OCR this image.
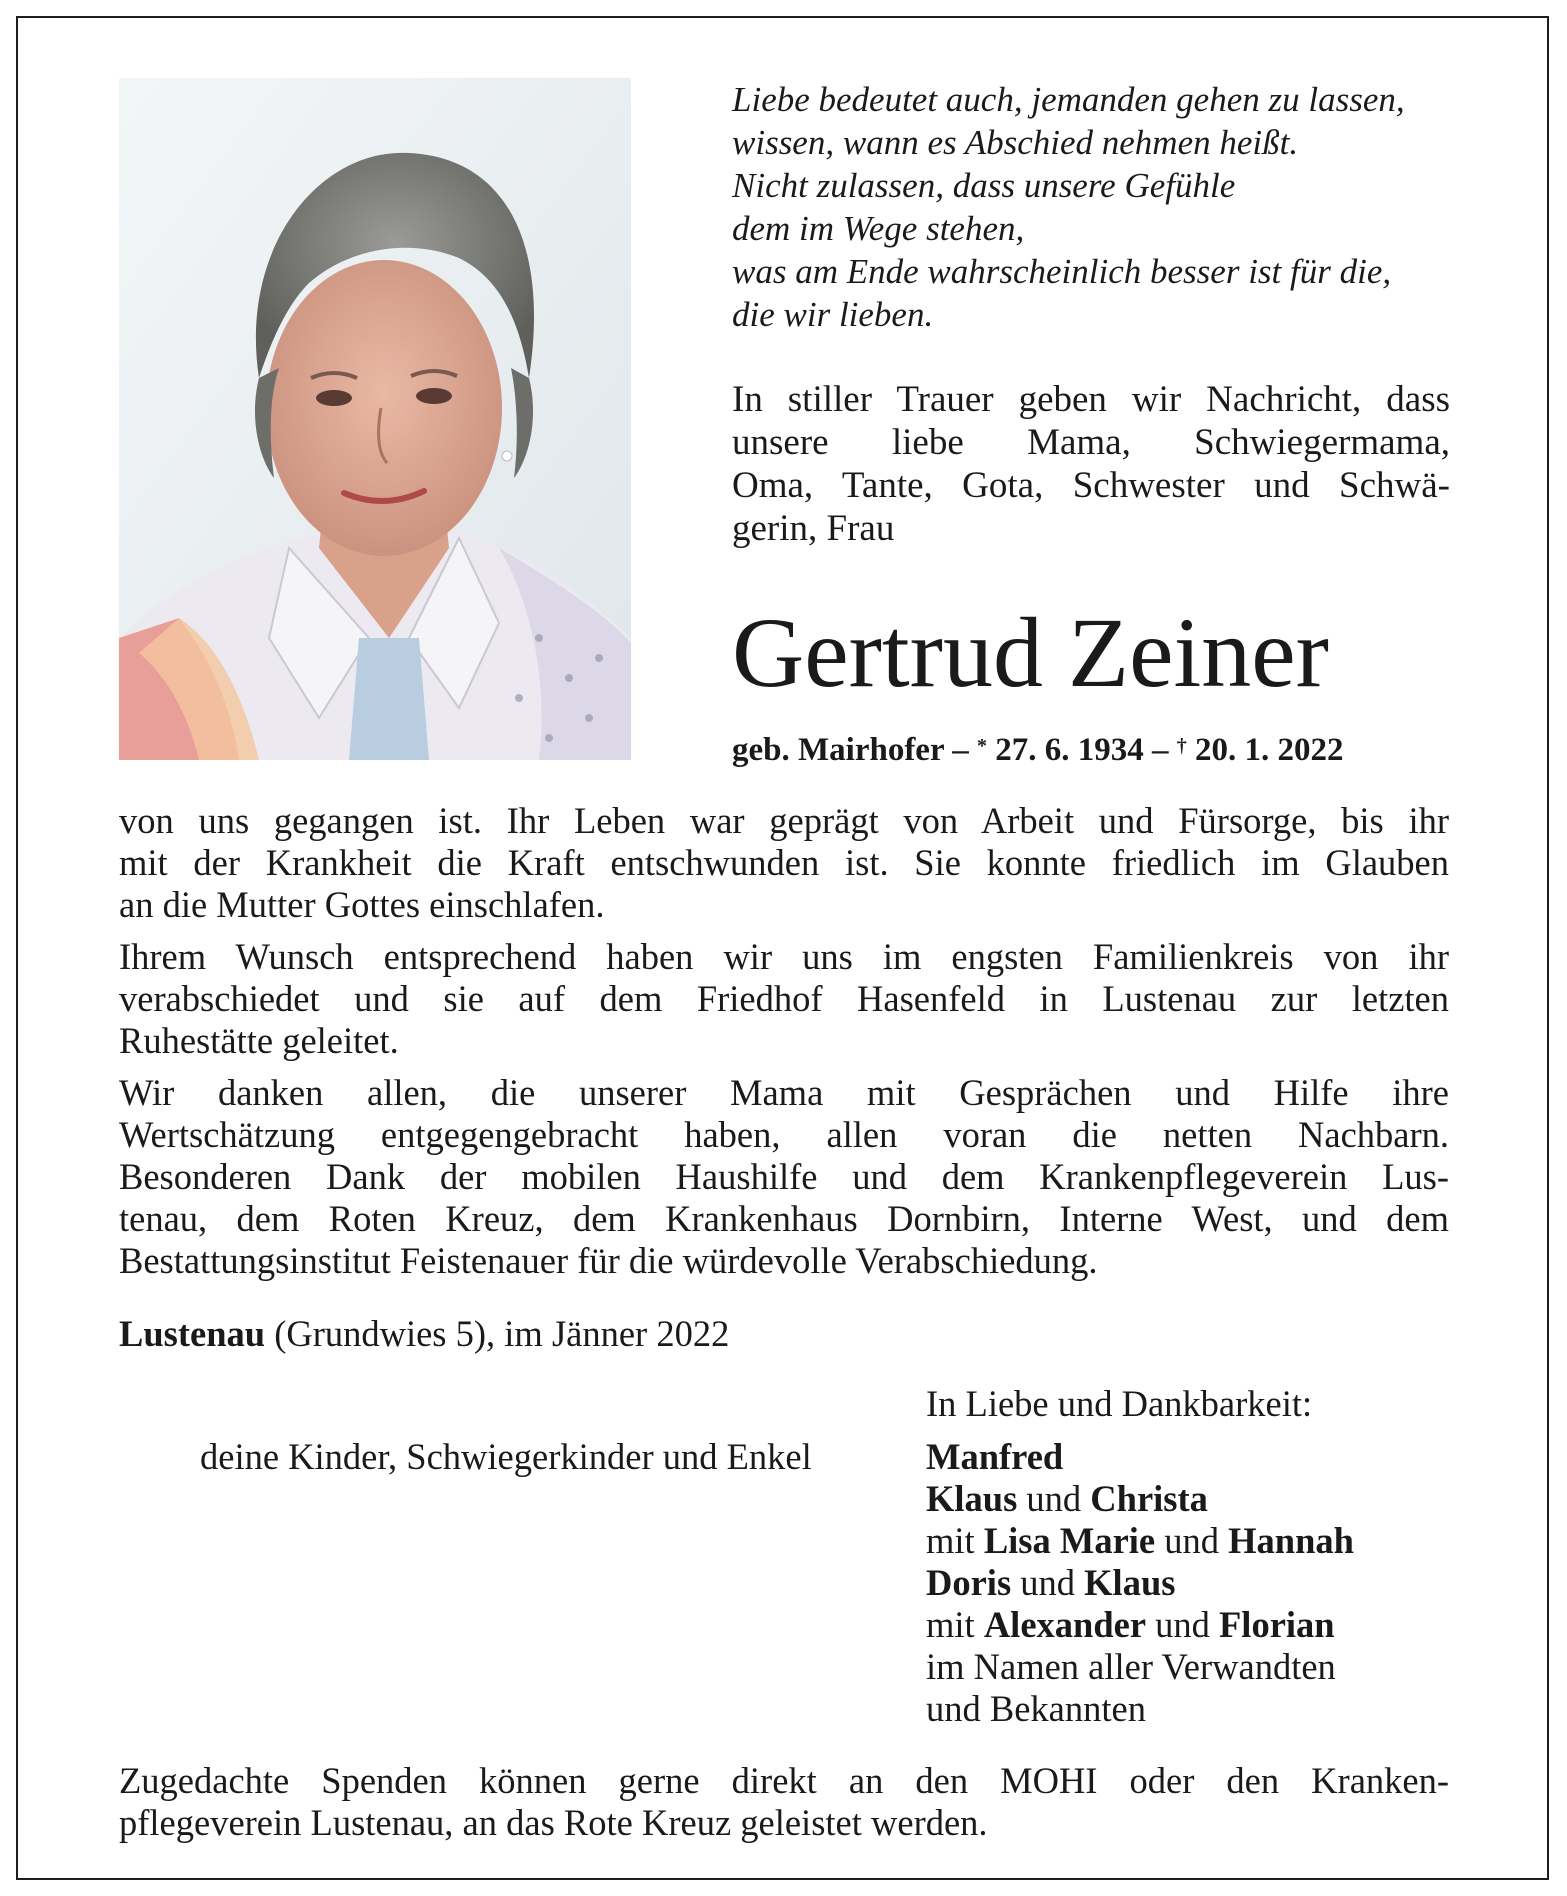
Liebe bedeutet auch, jemanden gehen zu lassen,
wissen, wann es Abschied nehmen heißt.
Nicht zulassen, dass unsere Gefühle
dem im Wege stehen,
was am Ende wahrscheinlich besser ist für die,
die wir lieben.
In stiller Trauer geben wir Nachricht, dass
unsere liebe Mama, Schwiegermama,
Oma, Tante, Gota, Schwester und Schwä-
gerin, Frau
Gertrud Zeiner
geb. Mairhofer – * 27. 6. 1934 – † 20. 1. 2022
von uns gegangen ist. Ihr Leben war geprägt von Arbeit und Fürsorge, bis ihr
mit der Krankheit die Kraft entschwunden ist. Sie konnte friedlich im Glauben
an die Mutter Gottes einschlafen.
Ihrem Wunsch entsprechend haben wir uns im engsten Familienkreis von ihr
verabschiedet und sie auf dem Friedhof Hasenfeld in Lustenau zur letzten
Ruhestätte geleitet.
Wir danken allen, die unserer Mama mit Gesprächen und Hilfe ihre
Wertschätzung entgegengebracht haben, allen voran die netten Nachbarn.
Besonderen Dank der mobilen Haushilfe und dem Krankenpflegeverein Lus-
tenau, dem Roten Kreuz, dem Krankenhaus Dornbirn, Interne West, und dem
Bestattungsinstitut Feistenauer für die würdevolle Verabschiedung.
Lustenau (Grundwies 5), im Jänner 2022
In Liebe und Dankbarkeit:
deine Kinder, Schwiegerkinder und Enkel	Manfred
Klaus und Christa
mit Lisa Marie und Hannah
Doris und Klaus
mit Alexander und Florian
im Namen aller Verwandten
und Bekannten
Zugedachte Spenden können gerne direkt an den MOHI oder den Kranken-
pflegeverein Lustenau, an das Rote Kreuz geleistet werden.
